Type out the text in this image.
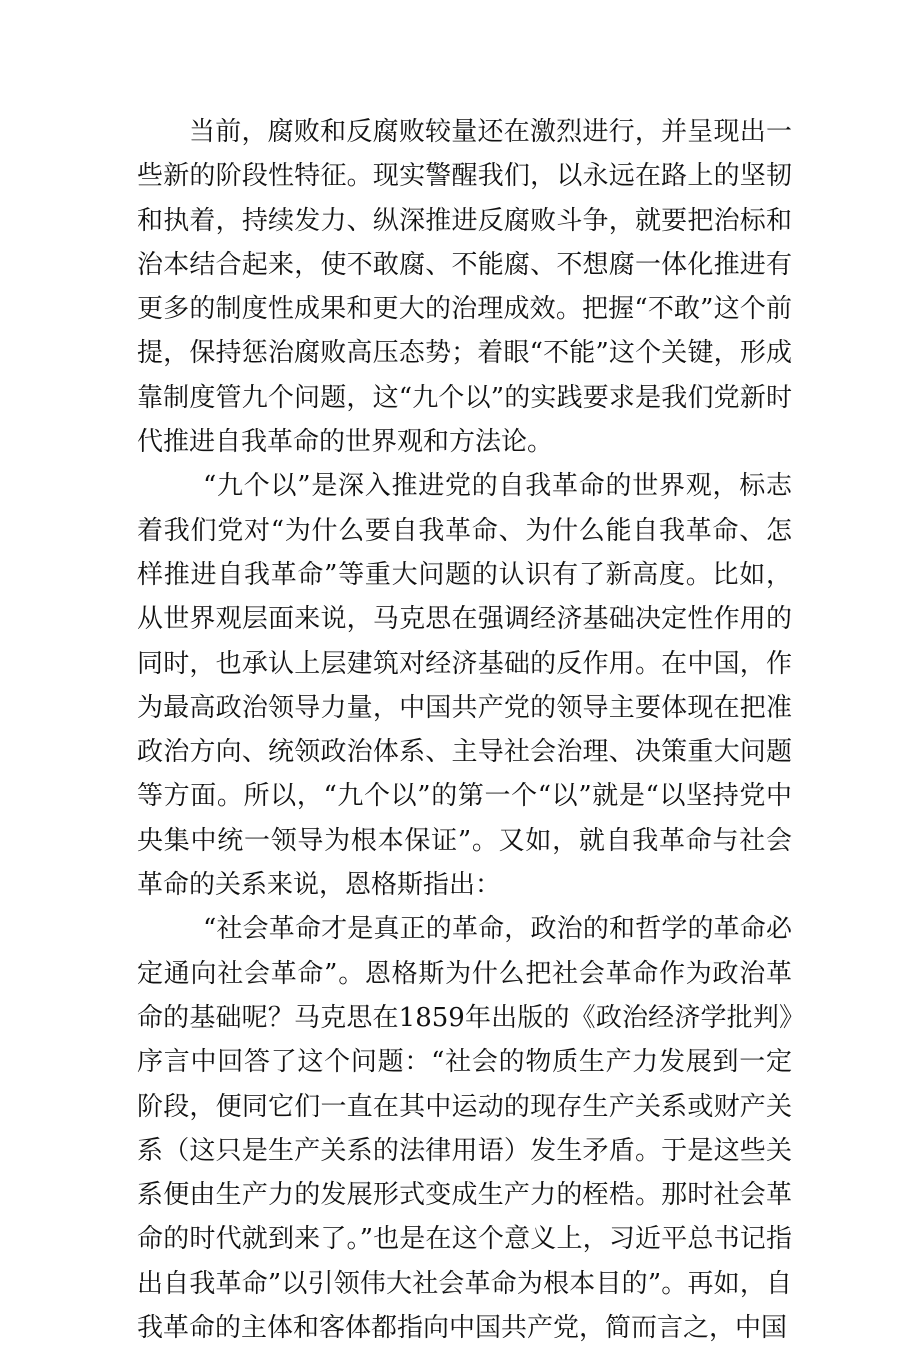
当前，腐败和反腐败较量还在激烈进行，并呈现出一些新的阶段性特征。现实警醒我们，以永远在路上的坚韧和执着，持续发力、纵深推进反腐败斗争，就要把治标和治本结合起来，使不敢腐、不能腐、不想腐一体化推进有更多的制度性成果和更大的治理成效。把握“不敢”这个前提，保持惩治腐败高压态势；着眼“不能”这个关键，形成靠制度管九个问题，这“九个以”的实践要求是我们党新时代推进自我革命的世界观和方法论。

“九个以”是深入推进党的自我革命的世界观，标志着我们党对“为什么要自我革命、为什么能自我革命、怎样推进自我革命”等重大问题的认识有了新高度。比如，从世界观层面来说，马克思在强调经济基础决定性作用的同时，也承认上层建筑对经济基础的反作用。在中国，作为最高政治领导力量，中国共产党的领导主要体现在把准政治方向、统领政治体系、主导社会治理、决策重大问题等方面。所以，“九个以”的第一个“以”就是“以坚持党中央集中统一领导为根本保证”。又如，就自我革命与社会革命的关系来说，恩格斯指出：

“社会革命才是真正的革命，政治的和哲学的革命必定通向社会革命”。恩格斯为什么把社会革命作为政治革命的基础呢？马克思在1859年出版的《政治经济学批判》序言中回答了这个问题：“社会的物质生产力发展到一定阶段，便同它们一直在其中运动的现存生产关系或财产关系（这只是生产关系的法律用语）发生矛盾。于是这些关系便由生产力的发展形式变成生产力的桎梏。那时社会革命的时代就到来了。”也是在这个意义上，习近平总书记指出自我革命”以引领伟大社会革命为根本目的”。再如，自我革命的主体和客体都指向中国共产党，简而言之，中国
